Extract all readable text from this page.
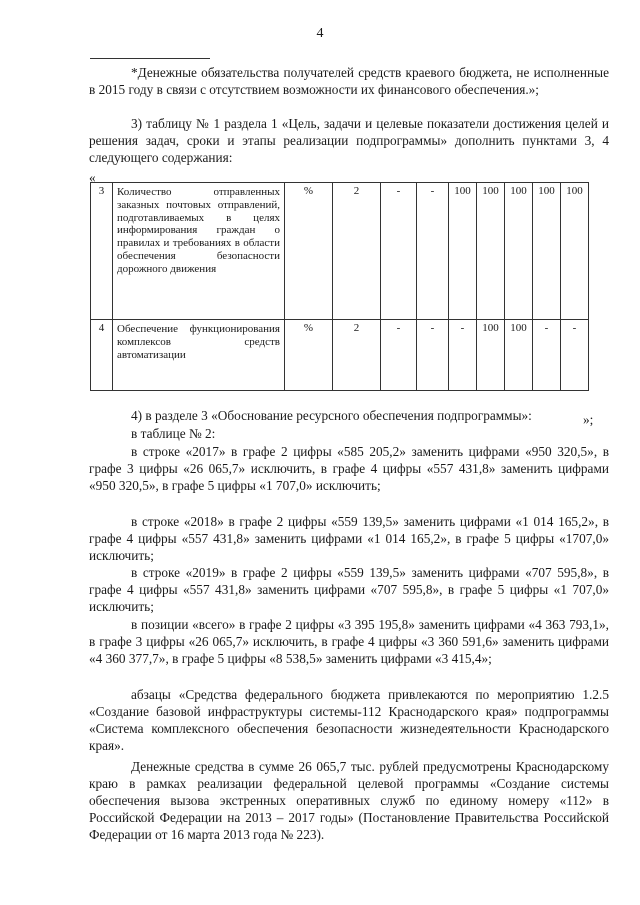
4

*Денежные обязательства получателей средств краевого бюджета, не исполненные в 2015 году в связи с отсутствием возможности их финансового обеспечения.»;

3) таблицу № 1 раздела 1 «Цель, задачи и целевые показатели достижения целей и решения задач, сроки и этапы реализации подпрограммы» дополнить пунктами 3, 4 следующего содержания:

«
3	Количество отправленных заказных почтовых отправлений, подготавливаемых в целях информирования граждан о правилах и требованиях в области обеспечения безопасности дорожного движения	%	2	-	-	100	100	100	100	100
4	Обеспечение функционирования комплексов средств автоматизации	%	2	-	-	-	100	100	-	-
»;

4) в разделе 3 «Обоснование ресурсного обеспечения подпрограммы»:

в таблице № 2:

в строке «2017» в графе 2 цифры «585 205,2» заменить цифрами «950 320,5», в графе 3 цифры «26 065,7» исключить, в графе 4 цифры «557 431,8» заменить цифрами «950 320,5», в графе 5 цифры «1 707,0» исключить;

в строке «2018» в графе 2 цифры «559 139,5» заменить цифрами «1 014 165,2», в графе 4 цифры «557 431,8» заменить цифрами «1 014 165,2», в графе 5 цифры «1707,0» исключить;

в строке «2019» в графе 2 цифры «559 139,5» заменить цифрами «707 595,8», в графе 4 цифры «557 431,8» заменить цифрами «707 595,8», в графе 5 цифры «1 707,0» исключить;

в позиции «всего» в графе 2 цифры «3 395 195,8» заменить цифрами «4 363 793,1», в графе 3 цифры «26 065,7» исключить, в графе 4 цифры «3 360 591,6» заменить цифрами «4 360 377,7», в графе 5 цифры «8 538,5» заменить цифрами «3 415,4»;

абзацы «Средства федерального бюджета привлекаются по мероприятию 1.2.5 «Создание базовой инфраструктуры системы-112 Краснодарского края» подпрограммы «Система комплексного обеспечения безопасности жизнедеятельности Краснодарского края».

Денежные средства в сумме 26 065,7 тыс. рублей предусмотрены Краснодарскому краю в рамках реализации федеральной целевой программы «Создание системы обеспечения вызова экстренных оперативных служб по единому номеру «112» в Российской Федерации на 2013 – 2017 годы» (Постановление Правительства Российской Федерации от 16 марта 2013 года № 223).
